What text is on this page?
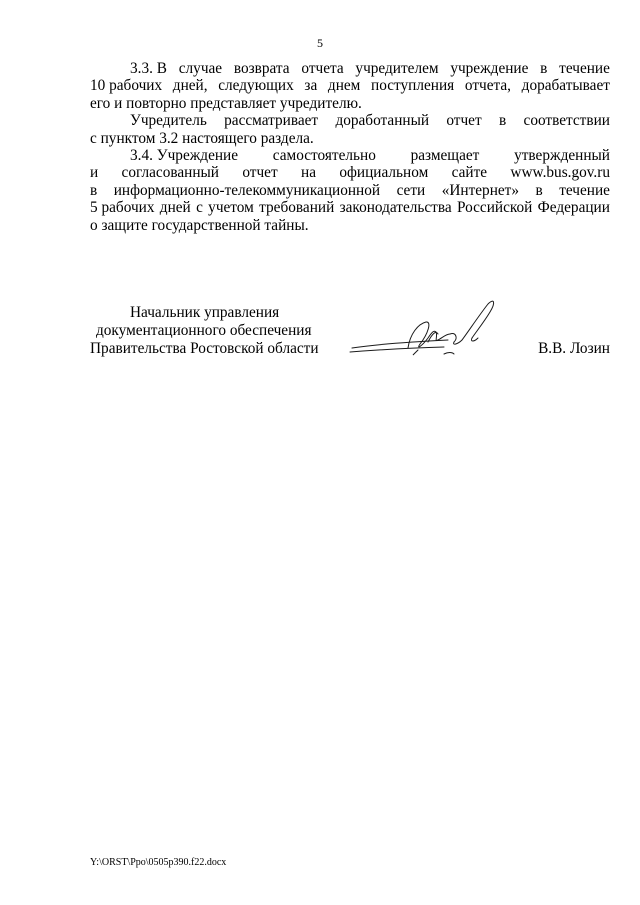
5
3.3. В случае возврата отчета учредителем учреждение в течение
10 рабочих дней, следующих за днем поступления отчета, дорабатывает
его и повторно представляет учредителю.
Учредитель рассматривает доработанный отчет в соответствии
с пунктом 3.2 настоящего раздела.
3.4. Учреждение самостоятельно размещает утвержденный
и согласованный отчет на официальном сайте www.bus.gov.ru
в информационно-телекоммуникационной сети «Интернет» в течение
5 рабочих дней с учетом требований законодательства Российской Федерации
о защите государственной тайны.
Начальник управления
документационного обеспечения
Правительства Ростовской области	В.В. Лозин
Y:\ORST\Ppo\0505p390.f22.docx
